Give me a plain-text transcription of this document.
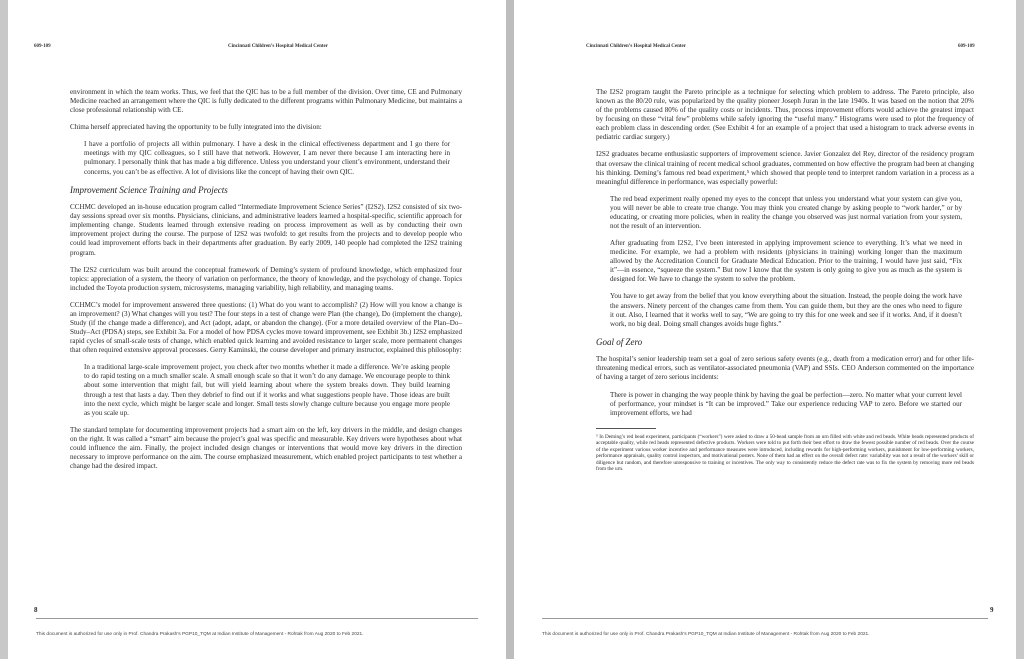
609-109	Cincinnati Children’s Hospital Medical Center

environment in which the team works. Thus, we feel that the QIC has to be a full member of the division. Over time, CE and Pulmonary Medicine reached an arrangement where the QIC is fully dedicated to the different programs within Pulmonary Medicine, but maintains a close professional relationship with CE.

Chima herself appreciated having the opportunity to be fully integrated into the division:

I have a portfolio of projects all within pulmonary. I have a desk in the clinical effectiveness department and I go there for meetings with my QIC colleagues, so I still have that network. However, I am never there because I am interacting here in pulmonary. I personally think that has made a big difference. Unless you understand your client’s environment, understand their concerns, you can’t be as effective. A lot of divisions like the concept of having their own QIC.

Improvement Science Training and Projects

CCHMC developed an in-house education program called “Intermediate Improvement Science Series” (I2S2). I2S2 consisted of six two-day sessions spread over six months. Physicians, clinicians, and administrative leaders learned a hospital-specific, scientific approach for implementing change. Students learned through extensive reading on process improvement as well as by conducting their own improvement project during the course. The purpose of I2S2 was twofold: to get results from the projects and to develop people who could lead improvement efforts back in their departments after graduation. By early 2009, 140 people had completed the I2S2 training program.

The I2S2 curriculum was built around the conceptual framework of Deming’s system of profound knowledge, which emphasized four topics: appreciation of a system, the theory of variation on performance, the theory of knowledge, and the psychology of change. Topics included the Toyota production system, microsystems, managing variability, high reliability, and managing teams.

CCHMC’s model for improvement answered three questions: (1) What do you want to accomplish? (2) How will you know a change is an improvement? (3) What changes will you test? The four steps in a test of change were Plan (the change), Do (implement the change), Study (if the change made a difference), and Act (adopt, adapt, or abandon the change). (For a more detailed overview of the Plan–Do–Study–Act (PDSA) steps, see Exhibit 3a. For a model of how PDSA cycles move toward improvement, see Exhibit 3b.) I2S2 emphasized rapid cycles of small-scale tests of change, which enabled quick learning and avoided resistance to larger scale, more permanent changes that often required extensive approval processes. Gerry Kaminski, the course developer and primary instructor, explained this philosophy:

In a traditional large-scale improvement project, you check after two months whether it made a difference. We’re asking people to do rapid testing on a much smaller scale. A small enough scale so that it won’t do any damage. We encourage people to think about some intervention that might fail, but will yield learning about where the system breaks down. They build learning through a test that lasts a day. Then they debrief to find out if it works and what suggestions people have. Those ideas are built into the next cycle, which might be larger scale and longer. Small tests slowly change culture because you engage more people as you scale up.

The standard template for documenting improvement projects had a smart aim on the left, key drivers in the middle, and design changes on the right. It was called a “smart” aim because the project’s goal was specific and measurable. Key drivers were hypotheses about what could influence the aim. Finally, the project included design changes or interventions that would move key drivers in the direction necessary to improve performance on the aim. The course emphasized measurement, which enabled project participants to test whether a change had the desired impact.

8
This document is authorized for use only in Prof. Chandra Prakash's PGP10_TQM at Indian Institute of Management - Rohtak from Aug 2020 to Feb 2021.
Cincinnati Children’s Hospital Medical Center	609-109

The I2S2 program taught the Pareto principle as a technique for selecting which problem to address. The Pareto principle, also known as the 80/20 rule, was popularized by the quality pioneer Joseph Juran in the late 1940s. It was based on the notion that 20% of the problems caused 80% of the quality costs or incidents. Thus, process improvement efforts would achieve the greatest impact by focusing on these “vital few” problems while safely ignoring the “useful many.” Histograms were used to plot the frequency of each problem class in descending order. (See Exhibit 4 for an example of a project that used a histogram to track adverse events in pediatric cardiac surgery.)

I2S2 graduates became enthusiastic supporters of improvement science. Javier Gonzalez del Rey, director of the residency program that oversaw the clinical training of recent medical school graduates, commented on how effective the program had been at changing his thinking. Deming’s famous red bead experiment,⁵ which showed that people tend to interpret random variation in a process as a meaningful difference in performance, was especially powerful:

The red bead experiment really opened my eyes to the concept that unless you understand what your system can give you, you will never be able to create true change. You may think you created change by asking people to “work harder,” or by educating, or creating more policies, when in reality the change you observed was just normal variation from your system, not the result of an intervention.

After graduating from I2S2, I’ve been interested in applying improvement science to everything. It’s what we need in medicine. For example, we had a problem with residents (physicians in training) working longer than the maximum allowed by the Accreditation Council for Graduate Medical Education. Prior to the training, I would have just said, “Fix it”—in essence, “squeeze the system.” But now I know that the system is only going to give you as much as the system is designed for. We have to change the system to solve the problem.

You have to get away from the belief that you know everything about the situation. Instead, the people doing the work have the answers. Ninety percent of the changes came from them. You can guide them, but they are the ones who need to figure it out. Also, I learned that it works well to say, “We are going to try this for one week and see if it works. And, if it doesn’t work, no big deal. Doing small changes avoids huge fights.”

Goal of Zero

The hospital’s senior leadership team set a goal of zero serious safety events (e.g., death from a medication error) and for other life-threatening medical errors, such as ventilator-associated pneumonia (VAP) and SSIs. CEO Anderson commented on the importance of having a target of zero serious incidents:

There is power in changing the way people think by having the goal be perfection—zero. No matter what your current level of performance, your mindset is “It can be improved.” Take our experience reducing VAP to zero. Before we started our improvement efforts, we had

⁵ In Deming’s red bead experiment, participants (“workers”) were asked to draw a 50-bead sample from an urn filled with white and red beads. White beads represented products of acceptable quality, while red beads represented defective products. Workers were told to put forth their best effort to draw the fewest possible number of red beads. Over the course of the experiment various worker incentive and performance measures were introduced, including rewards for high-performing workers, punishment for low-performing workers, performance appraisals, quality control inspectors, and motivational posters. None of them had an effect on the overall defect rate: variability was not a result of the workers’ skill or diligence but random, and therefore unresponsive to training or incentives. The only way to consistently reduce the defect rate was to fix the system by removing more red beads from the urn.

9
This document is authorized for use only in Prof. Chandra Prakash's PGP10_TQM at Indian Institute of Management - Rohtak from Aug 2020 to Feb 2021.
